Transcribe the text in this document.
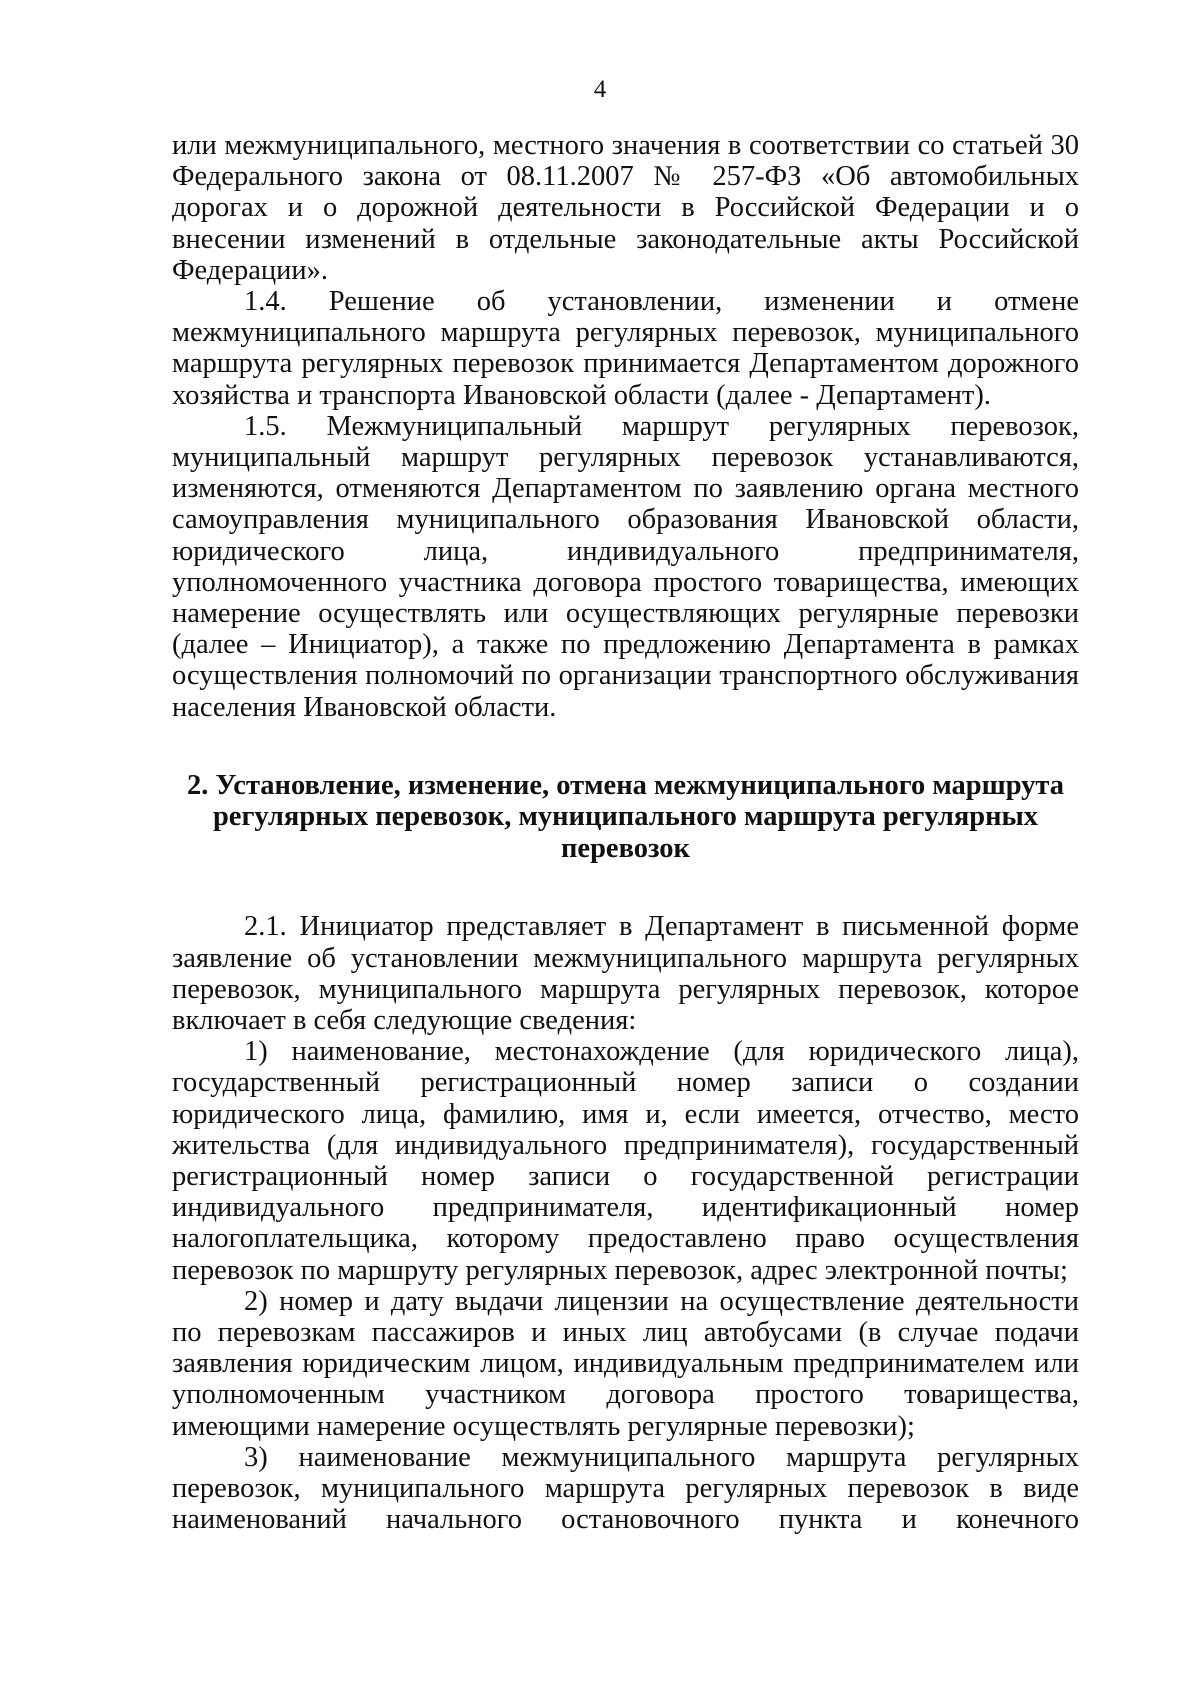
4

или межмуниципального, местного значения в соответствии со статьей 30 Федерального закона от 08.11.2007 № 257-ФЗ «Об автомобильных дорогах и о дорожной деятельности в Российской Федерации и о внесении изменений в отдельные законодательные акты Российской Федерации».

1.4. Решение об установлении, изменении и отмене межмуниципального маршрута регулярных перевозок, муниципального маршрута регулярных перевозок принимается Департаментом дорожного хозяйства и транспорта Ивановской области (далее - Департамент).

1.5. Межмуниципальный маршрут регулярных перевозок, муниципальный маршрут регулярных перевозок устанавливаются, изменяются, отменяются Департаментом по заявлению органа местного самоуправления муниципального образования Ивановской области, юридического лица, индивидуального предпринимателя, уполномоченного участника договора простого товарищества, имеющих намерение осуществлять или осуществляющих регулярные перевозки (далее – Инициатор), а также по предложению Департамента в рамках осуществления полномочий по организации транспортного обслуживания населения Ивановской области.

2. Установление, изменение, отмена межмуниципального маршрута
регулярных перевозок, муниципального маршрута регулярных
перевозок

2.1. Инициатор представляет в Департамент в письменной форме заявление об установлении межмуниципального маршрута регулярных перевозок, муниципального маршрута регулярных перевозок, которое включает в себя следующие сведения:

1) наименование, местонахождение (для юридического лица), государственный регистрационный номер записи о создании юридического лица, фамилию, имя и, если имеется, отчество, место жительства (для индивидуального предпринимателя), государственный регистрационный номер записи о государственной регистрации индивидуального предпринимателя, идентификационный номер налогоплательщика, которому предоставлено право осуществления перевозок по маршруту регулярных перевозок, адрес электронной почты;

2) номер и дату выдачи лицензии на осуществление деятельности по перевозкам пассажиров и иных лиц автобусами (в случае подачи заявления юридическим лицом, индивидуальным предпринимателем или уполномоченным участником договора простого товарищества, имеющими намерение осуществлять регулярные перевозки);

3) наименование межмуниципального маршрута регулярных перевозок, муниципального маршрута регулярных перевозок в виде наименований начального остановочного пункта и конечного
